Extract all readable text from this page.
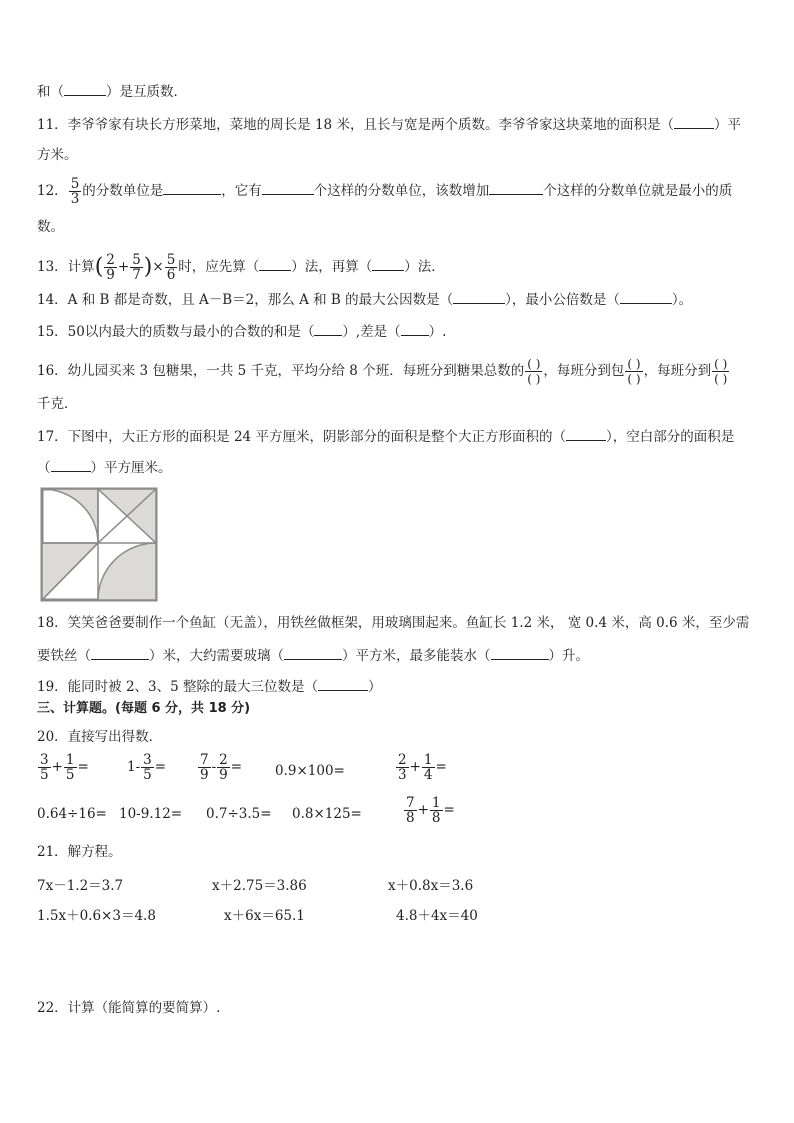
和（	）是互质数．
11．李爷爷家有块长方形菜地，菜地的周长是 18 米，且长与宽是两个质数。李爷爷家这块菜地的面积是（	）平
方米。
12． $\frac{5}{3}$ 的分数单位是	，它有	个这样的分数单位，该数增加	个这样的分数单位就是最小的质
数。
13．计算( $\frac{2}{9} + \frac{5}{7}$ )× $\frac{5}{6}$ 时，应先算（ ）法，再算（ ）法．
14．A 和 B 都是奇数，且 A－B＝2，那么 A 和 B 的最大公因数是（	），最小公倍数是（	）。
15．50以内最大的质数与最小的合数的和是（ ）,差是（ ）.
16．幼儿园买来 3 包糖果，一共 5 千克，平均分给 8 个班．每班分到糖果总数的 $\frac{( )}{( )}$ ，每班分到包 $\frac{( )}{( )}$ ，每班分到 $\frac{( )}{( )}$
千克．
17．下图中，大正方形的面积是 24 平方厘米，阴影部分的面积是整个大正方形面积的（	），空白部分的面积是
（	）平方厘米。
18．笑笑爸爸要制作一个鱼缸（无盖），用铁丝做框架，用玻璃围起来。鱼缸长 1.2 米， 宽 0.4 米，高 0.6 米，至少需
要铁丝（	）米，大约需要玻璃（	）平方米，最多能装水（	）升。
19．能同时被 2、3、5 整除的最大三位数是（	）
三、计算题。(每题 6 分，共 18 分)
20．直接写出得数．
$\frac{3}{5} + \frac{1}{5}$ =	$1- \frac{3}{5} = \frac{7}{9} - \frac{2}{9} = 0.9\times 100=$	$\frac{2}{3} + \frac{1}{4}$ =
0.64÷16= 10-9.12= 0.7÷3.5= 0.8×125=	$\frac{7}{8} + \frac{1}{8}$ =
21．解方程。
7x－1.2＝3.7	x＋2.75＝3.86	x＋0.8x＝3.6
1.5x＋0.6×3＝4.8	x＋6x＝65.1	4.8＋4x＝40
22．计算（能简算的要简算）.
